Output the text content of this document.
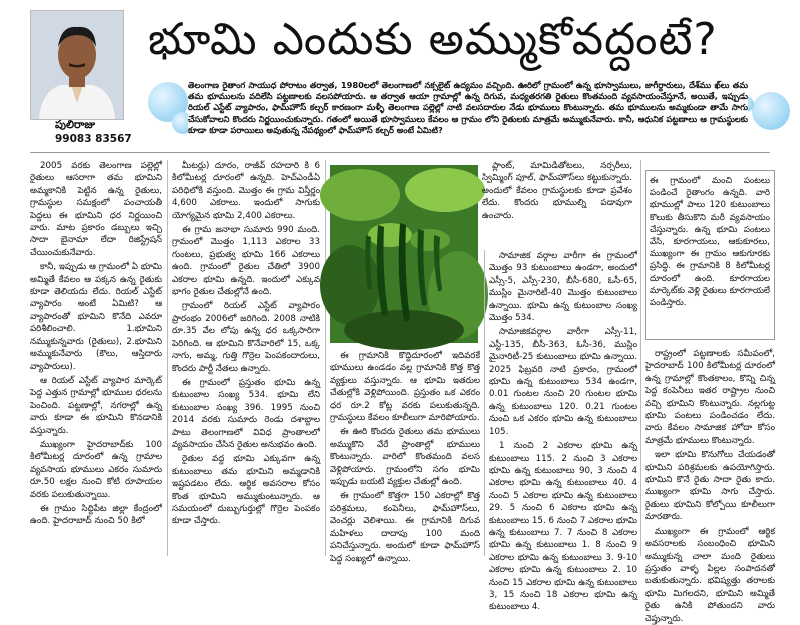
పులిరాజు
99083 83567
భూమి ఎందుకు అమ్ముకోవద్దంటే?
తెలంగాణ రైతాంగ సాయుధ పోరాటం తర్వాత, 1980లలో తెలంగాణలో నక్సలైట్ ఉద్యమం వచ్చింది. ఊరిలో గ్రామంలో ఉన్న భూస్వాములు, జాగీర్దారులు, దేశ్‌ము ఖ్‌లు తమ తమ భూములను వదిలేసి పట్టణాలకు వలసపోయారు. ఆ తర్వాత ఆయా గ్రామాల్లో ఉన్న దిగువ, మధ్యతరగతి రైతులు కొంతమంది వ్యవసాయంచేస్తూనే, అయితే, ఇప్పుడు రియల్ ఎస్టేట్ వ్యాపారం, ఫామ్‌హౌస్ కల్చర్ కారణంగా మళ్ళీ తెలంగాణ పల్లెల్లో నాటి వలసదారుల నేడు భూములు కొంటున్నారు. తమ భూములను అమ్మకుండా తామే సాగు చేసుకోవాలని కొందరు నిర్ణయించుకున్నారు. గతంలో అయితే భూస్వాములు కేవలం ఆ గ్రామం లోని రైతులకు మాత్రమే అమ్ముకునేవారు. కానీ, ఆధునిక పట్టణాలు ఆ గ్రామస్థులకు కూడా కూడా పరాయిలు అవుతున్న నేపథ్యంలో ఫామ్‌హౌస్ కల్చర్ అంటే ఏమిటి?

2005 వరకు తెలంగాణ పల్లెల్లో రైతులు ఆసరాగా తమ భూమిని అమ్మకానికి పెట్టిన ఉన్న రైతులు, గ్రామస్థుల సమక్షంలో పంచాయతీ పెద్దలు ఈ భూమిని ధర నిర్ణయించి వారు. మాట ప్రకారం డబ్బులు ఇచ్చి సాదా బైనామా లేదా రిజిస్ట్రేషన్ చేయించుకునేవారు.

కానీ, ఇప్పుడు ఆ గ్రామంలో ఏ భూమి అమ్మితే కేవలం ఆ పక్కన ఉన్న రైతుకు కూడా తెలియదు లేదు. రియల్ ఎస్టేట్ వ్యాపారం అంటే ఏమిటి? ఆ వ్యాపారంతో భూమిని కొనేది ఎవరూ పరిశీలించాలి. 1.భూమిని నమ్ముకున్నవారు (రైతులు), 2.భూమిని అమ్ముకునేవారు (కౌలు, ఆస్తిదారు వ్యాపారులు).

ఆ రియల్ ఎస్టేట్ వ్యాపార మార్కెట్ పెద్ద ఎత్తున గ్రామాల్లో భూముల ధరలను పెంచింది. పట్టణాల్లో, నగరాల్లో ఉన్న వారు కూడా ఈ భూమిని కొనడానికి వస్తున్నారు.

ముఖ్యంగా హైదరాబాద్‌కు 100 కిలోమీటర్ల దూరంలో ఉన్న గ్రామాల వ్యవసాయ భూములు ఎకరం సుమారు రూ.50 లక్షల నుంచి కోటి రూపాయల వరకు పలుకుతున్నాయి.

ఈ గ్రామం సిద్దిపేట జిల్లా కేంద్రంలో ఉంది. హైదరాబాద్ నుంచి 50 కిలో

మీటర్లు) దూరం, రాజీవ్ రహదారి కి 6 కిలోమీటర్ల దూరంలో ఉన్నది. హెచ్ఎండీఏ పరిధిలోకి వస్తుంది. మొత్తం ఈ గ్రామ విస్తీర్ణం 4,600 ఎకరాలు. ఇందులో సాగుకు యోగ్యమైన భూమి 2,400 ఎకరాలు.

ఈ గ్రామ జనాభా సుమారు 990 మంది. గ్రామంలో మొత్తం 1,113 ఎకరాల 33 గుంటలు, ప్రభుత్వ భూమి 166 ఎకరాలు ఉంది. గ్రామంలో రైతుల చేతిలో 3900 ఎకరాల భూమి ఉన్నది. ఇందులో ఎక్కువ భాగం రైతుల చేతుల్లోనే ఉంది.

గ్రామంలో రియల్ ఎస్టేట్ వ్యాపారం ప్రారంభం 2006లో జరిగింది. 2008 నాటికి రూ.35 వేల లోపు ఉన్న ధర ఒక్కసారిగా పెరిగింది. ఆ భూమిని కొనేవారిలో 15, ఒక్క నాగు, అమ్మ, గుత్తి గొర్రెల పెంపకందారులు, కొందరు పార్టీ నేతలు ఉన్నారు.

ఈ గ్రామంలో ప్రస్తుతం భూమి ఉన్న కుటుంబాల సంఖ్య 534. భూమి లేని కుటుంబాల సంఖ్య 396. 1995 నుంచి 2014 వరకు సుమారు రెండు దశాబ్దాల పాటు తెలంగాణలో వివిధ ప్రాంతాలలో వ్యవసాయం చేసిన రైతుల అనుభవం ఉంది.

రైతుల వద్ద భూమి ఎక్కువగా ఉన్న కుటుంబాలు తమ భూమిని అమ్మడానికి ఇష్టపడటం లేదు. ఆర్థిక అవసరాల కోసం కొంత భూమిని అమ్ముకుంటున్నారు. ఆ సమయంలో దుబ్బుగుర్తుల్లో గొర్రెల పెంపకం కూడా చేస్తారు.

ప్లాంట్, మామిడితోటలు, నర్సరీలు, స్విమ్మింగ్ పూల్, ఫామ్‌హౌస్‌లు కట్టుకున్నారు. అందులో కేవలం గ్రామస్థులకు కూడా ప్రవేశం లేదు. కొందరు భూముల్ని పడావుగా ఉంచారు.

ఈ గ్రామానికి కొద్దిదూరంలో ఇదివరకే భూములు ఉండడం వల్ల గ్రామానికి కొత్త కొత్త వ్యక్తులు వస్తున్నారు. ఆ భూమి ఇతరుల చేతుల్లోకి వెళ్లిపోయింది. ప్రస్తుతం ఒక ఎకరం ధర రూ.2 కోట్ల వరకు పలుకుతున్నది. గ్రామస్థులు కేవలం కూలీలుగా మారిపోయారు.

ఈ ఊరి కొందరు రైతులు తమ భూములు అమ్ముకొని వేరే ప్రాంతాల్లో భూములు కొంటున్నారు. వారిలో కొంతమంది వలస వెళ్లిపోయారు. గ్రామంలోని సగం భూమి ఇప్పుడు బయటి వ్యక్తుల చేతుల్లో ఉంది.

ఈ గ్రామంలో కొత్తగా 150 ఎకరాల్లో కొత్త పరిశ్రమలు, కంపెనీలు, ఫామ్‌హౌస్‌లు, వెంచర్లు వెలిశాయి. ఈ గ్రామానికి దిగువ మహిళలు దాదాపు 100 మంది పనిచేస్తున్నారు. అందులో కూడా ఫామ్‌హౌస్ పెద్ద సంఖ్యలో ఉన్నాయి.

సామాజిక వర్గాల వారీగా ఈ గ్రామంలో మొత్తం 93 కుటుంబాలు ఉండగా, అందులో ఎస్సీ-5, ఎస్సీ-230, బీసీ-680, ఓసీ-65, ముస్లిం మైనారిటీ-40 మొత్తం కుటుంబాలు ఉన్నాయి. భూమి ఉన్న కుటుంబాల సంఖ్య మొత్తం 534.

సామాజికవర్గాల వారీగా ఎస్సీ-11, ఎస్టీ-135, బీసీ-363, ఓసీ-36, ముస్లిం మైనారిటీ-25 కుటుంబాలు భూమి ఉన్నాయి. 2025 ఫిబ్రవరి నాటి ప్రకారం, గ్రామంలో భూమి ఉన్న కుటుంబాలు 534 ఉండగా, 0.01 గుంటల నుంచి 20 గుంటల భూమి ఉన్న కుటుంబాలు 120. 0.21 గుంటల నుంచి ఒక ఎకరం భూమి ఉన్న కుటుంబాలు 105.

1 నుంచి 2 ఎకరాల భూమి ఉన్న కుటుంబాలు 115. 2 నుంచి 3 ఎకరాల భూమి ఉన్న కుటుంబాలు 90, 3 నుంచి 4 ఎకరాల భూమి ఉన్న కుటుంబాలు 40. 4 నుంచి 5 ఎకరాల భూమి ఉన్న కుటుంబాలు 29. 5 నుంచి 6 ఎకరాల భూమి ఉన్న కుటుంబాలు 15. 6 నుంచి 7 ఎకరాల భూమి ఉన్న కుటుంబాలు 7. 7 నుంచి 8 ఎకరాల భూమి ఉన్న కుటుంబాలు 1. 8 నుంచి 9 ఎకరాల భూమి ఉన్న కుటుంబాలు 3. 9-10 ఎకరాల భూమి ఉన్న కుటుంబాలు 2. 10 నుంచి 15 ఎకరాల భూమి ఉన్న కుటుంబాలు 3, 15 నుంచి 18 ఎకరాల భూమి ఉన్న కుటుంబాలు 4.

ఈ గ్రామంలో మంచి పంటలు పండించే రైతాంగం ఉన్నది. వారి భూముల్లో పాలు 120 కుటుంబాలు కొలుకు తీసుకొని మరీ వ్యవసాయం చేస్తున్నారు. ఉన్న భూమి పంటలు వేసి, కూరగాయలు, ఆకుకూరలు, ముఖ్యంగా ఈ గ్రామం ఆకుగూరకు ప్రసిద్ధి. ఈ గ్రామానికి 8 కిలోమీటర్ల దూరంలో ఉంది. కూరగాయల మార్కెట్‌కు వెళ్లి రైతులు కూరగాయలే పండిస్తారు.

రాష్ట్రంలో పట్టణాలకు సమీపంలో, హైదరాబాద్ 100 కిలోమీటర్ల దూరంలో ఉన్న గ్రామాల్లో కొంతకాలం, కొన్ని చిన్న పెద్ద కంపెనీలు ఇతర రాష్ట్రాల నుంచి వచ్చి భూమిని కొంటున్నారు. నల్లగుట్ట భూమి పంటలు పండించడం లేదు. వారు కేవలం సామాజిక హోదా కోసం మాత్రమే భూములు కొంటున్నారు.

ఇలా భూమి కొనుగోలు చేయడంతో భూమిని పరిశ్రమలకు ఉపయోగిస్తారు. భూమిని కొనే రైతు సాదా రైతు కాదు. ముఖ్యంగా భూమి సాగు చేస్తారు. రైతులు భూమిని కోల్పోయి కూలీలుగా మారతారు.

ముఖ్యంగా ఈ గ్రామంలో ఆర్థిక అవసరాలకు సంబంధించి భూమిని అమ్ముకున్న చాలా మంది రైతులు ప్రస్తుతం వాళ్ళ పిల్లల సంపాదనతో బతుకుతున్నారు. భవిష్యత్తు తరాలకు భూమి మిగలదని, భూమిని అమ్మితే రైతు ఉనికి పోతుందని వారు చెప్తున్నారు.
